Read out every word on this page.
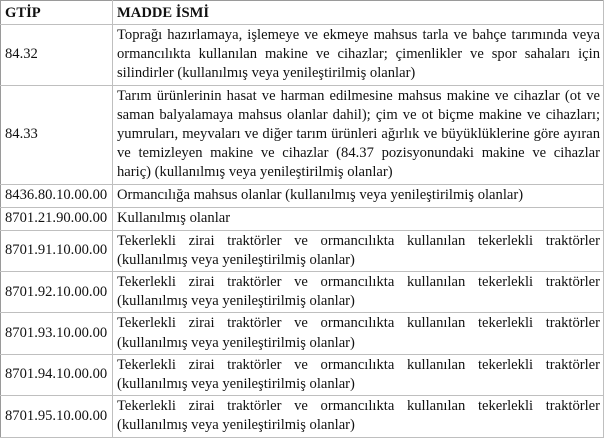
GTİP	MADDE İSMİ
84.32	Toprağı hazırlamaya, işlemeye ve ekmeye mahsus tarla ve bahçe tarımında veya ormancılıkta kullanılan makine ve cihazlar; çimenlikler ve spor sahaları için silindirler (kullanılmış veya yenileştirilmiş olanlar)
84.33	Tarım ürünlerinin hasat ve harman edilmesine mahsus makine ve cihazlar (ot ve saman balyalamaya mahsus olanlar dahil); çim ve ot biçme makine ve cihazları; yumruları, meyvaları ve diğer tarım ürünleri ağırlık ve büyüklüklerine göre ayıran ve temizleyen makine ve cihazlar (84.37 pozisyonundaki makine ve cihazlar hariç) (kullanılmış veya yenileştirilmiş olanlar)
8436.80.10.00.00	Ormancılığa mahsus olanlar (kullanılmış veya yenileştirilmiş olanlar)
8701.21.90.00.00	Kullanılmış olanlar
8701.91.10.00.00	Tekerlekli zirai traktörler ve ormancılıkta kullanılan tekerlekli traktörler (kullanılmış veya yenileştirilmiş olanlar)
8701.92.10.00.00	Tekerlekli zirai traktörler ve ormancılıkta kullanılan tekerlekli traktörler (kullanılmış veya yenileştirilmiş olanlar)
8701.93.10.00.00	Tekerlekli zirai traktörler ve ormancılıkta kullanılan tekerlekli traktörler (kullanılmış veya yenileştirilmiş olanlar)
8701.94.10.00.00	Tekerlekli zirai traktörler ve ormancılıkta kullanılan tekerlekli traktörler (kullanılmış veya yenileştirilmiş olanlar)
8701.95.10.00.00	Tekerlekli zirai traktörler ve ormancılıkta kullanılan tekerlekli traktörler (kullanılmış veya yenileştirilmiş olanlar)
